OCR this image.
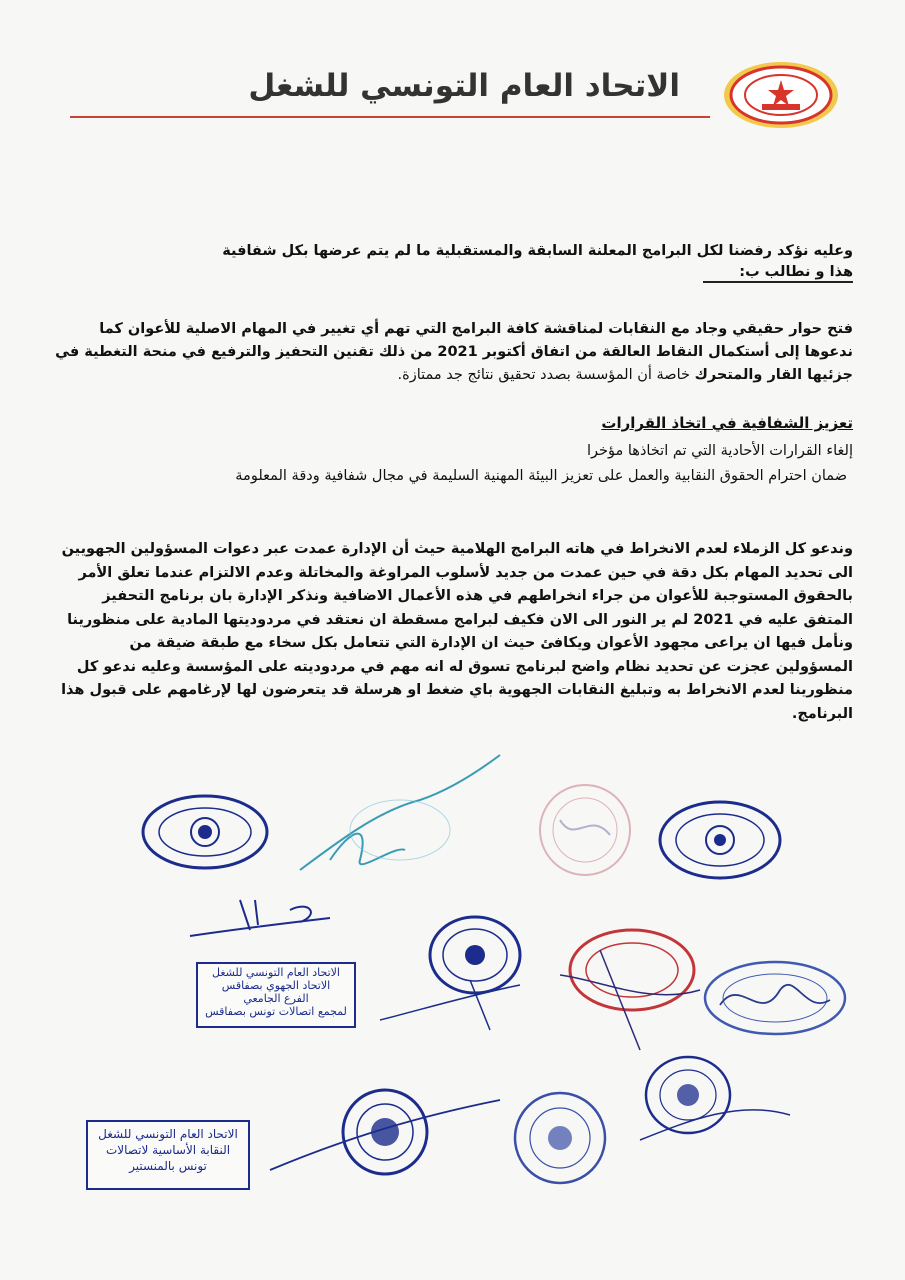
الاتحاد العام التونسي للشغل
وعليه نؤكد رفضنا لكل البرامج المعلنة السابقة والمستقبلية ما لم يتم عرضها بكل شفافية
هذا و نطالب ب:
فتح حوار حقيقي وجاد مع النقابات لمناقشة كافة البرامج التي تهم أي تغيير في المهام الاصلية للأعوان كما ندعوها إلى أستكمال النقاط العالقة من اتفاق أكتوبر 2021 من ذلك تقنين التحفيز والترفيع في منحة التغطية في جزئيها القار والمتحرك خاصة أن المؤسسة بصدد تحقيق نتائج جد ممتازة.
تعزيز الشفافية في اتخاذ القرارات
إلغاء القرارات الأحادية التي تم اتخاذها مؤخرا
ضمان احترام الحقوق النقابية والعمل على تعزيز البيئة المهنية السليمة في مجال شفافية ودقة المعلومة
وندعو كل الزملاء لعدم الانخراط في هاته البرامج الهلامية حيث أن الإدارة عمدت عبر دعوات المسؤولين الجهويين الى تحديد المهام بكل دقة في حين عمدت من جديد لأسلوب المراوغة والمخاتلة وعدم الالتزام عندما تعلق الأمر بالحقوق المستوجبة للأعوان من جراء انخراطهم في هذه الأعمال الاضافية ونذكر الإدارة بان برنامج التحفيز المتفق عليه في 2021 لم ير النور الى الان فكيف لبرامج مسقطة ان نعتقد في مردوديتها المادية على منظورينا ونأمل فيها ان يراعى مجهود الأعوان ويكافئ حيث ان الإدارة التي تتعامل بكل سخاء مع طبقة ضيقة من المسؤولين عجزت عن تحديد نظام واضح لبرنامج تسوق له انه مهم في مردوديته على المؤسسة وعليه ندعو كل منظورينا لعدم الانخراط به وتبليغ النقابات الجهوية باي ضغط او هرسلة قد يتعرضون لها لإرغامهم على قبول هذا البرنامج.
الاتحاد العام التونسي للشغل
الاتحاد الجهوي بصفاقس
الفرع الجامعي
لمجمع اتصالات تونس بصفاقس
الاتحاد العام التونسي للشغل
النقابة الأساسية لاتصالات
تونس بالمنستير
